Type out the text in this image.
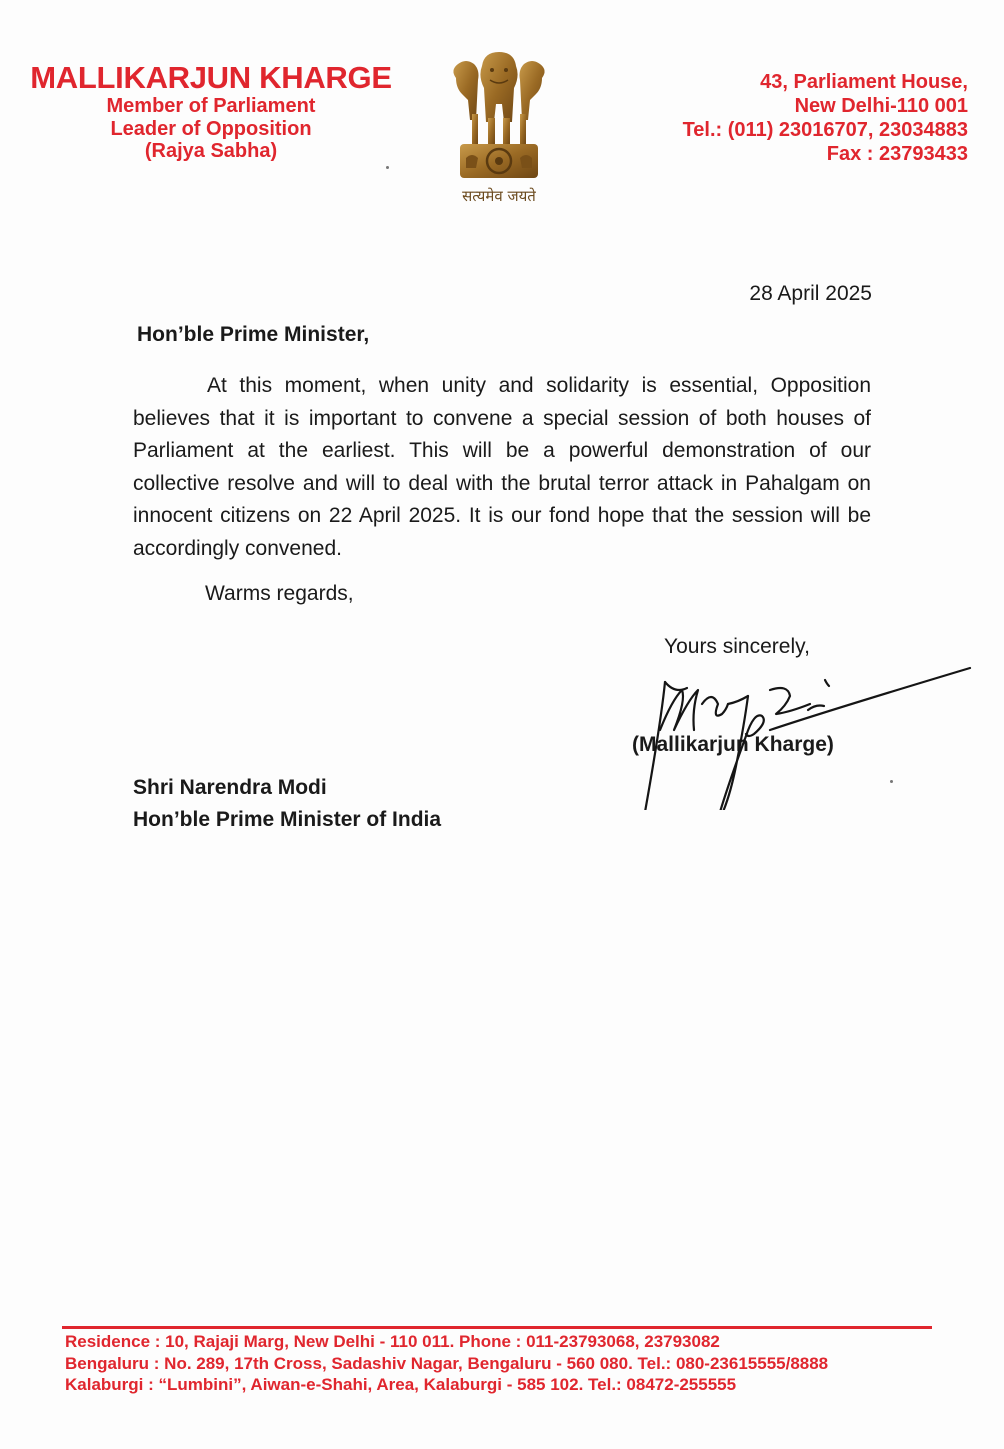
MALLIKARJUN KHARGE
Member of Parliament
Leader of Opposition
(Rajya Sabha)
सत्यमेव जयते
43, Parliament House,
New Delhi-110 001
Tel.: (011) 23016707, 23034883
Fax : 23793433
28 April 2025
Hon’ble Prime Minister,
At this moment, when unity and solidarity is essential, Opposition believes that it is important to convene a special session of both houses of Parliament at the earliest. This will be a powerful demonstration of our collective resolve and will to deal with the brutal terror attack in Pahalgam on innocent citizens on 22 April 2025. It is our fond hope that the session will be accordingly convened.
Warms regards,
Yours sincerely,
(Mallikarjun Kharge)
Shri Narendra Modi
Hon’ble Prime Minister of India
Residence : 10, Rajaji Marg, New Delhi - 110 011. Phone : 011-23793068, 23793082
Bengaluru : No. 289, 17th Cross, Sadashiv Nagar, Bengaluru - 560 080. Tel.: 080-23615555/8888
Kalaburgi : “Lumbini”, Aiwan-e-Shahi, Area, Kalaburgi - 585 102. Tel.: 08472-255555
